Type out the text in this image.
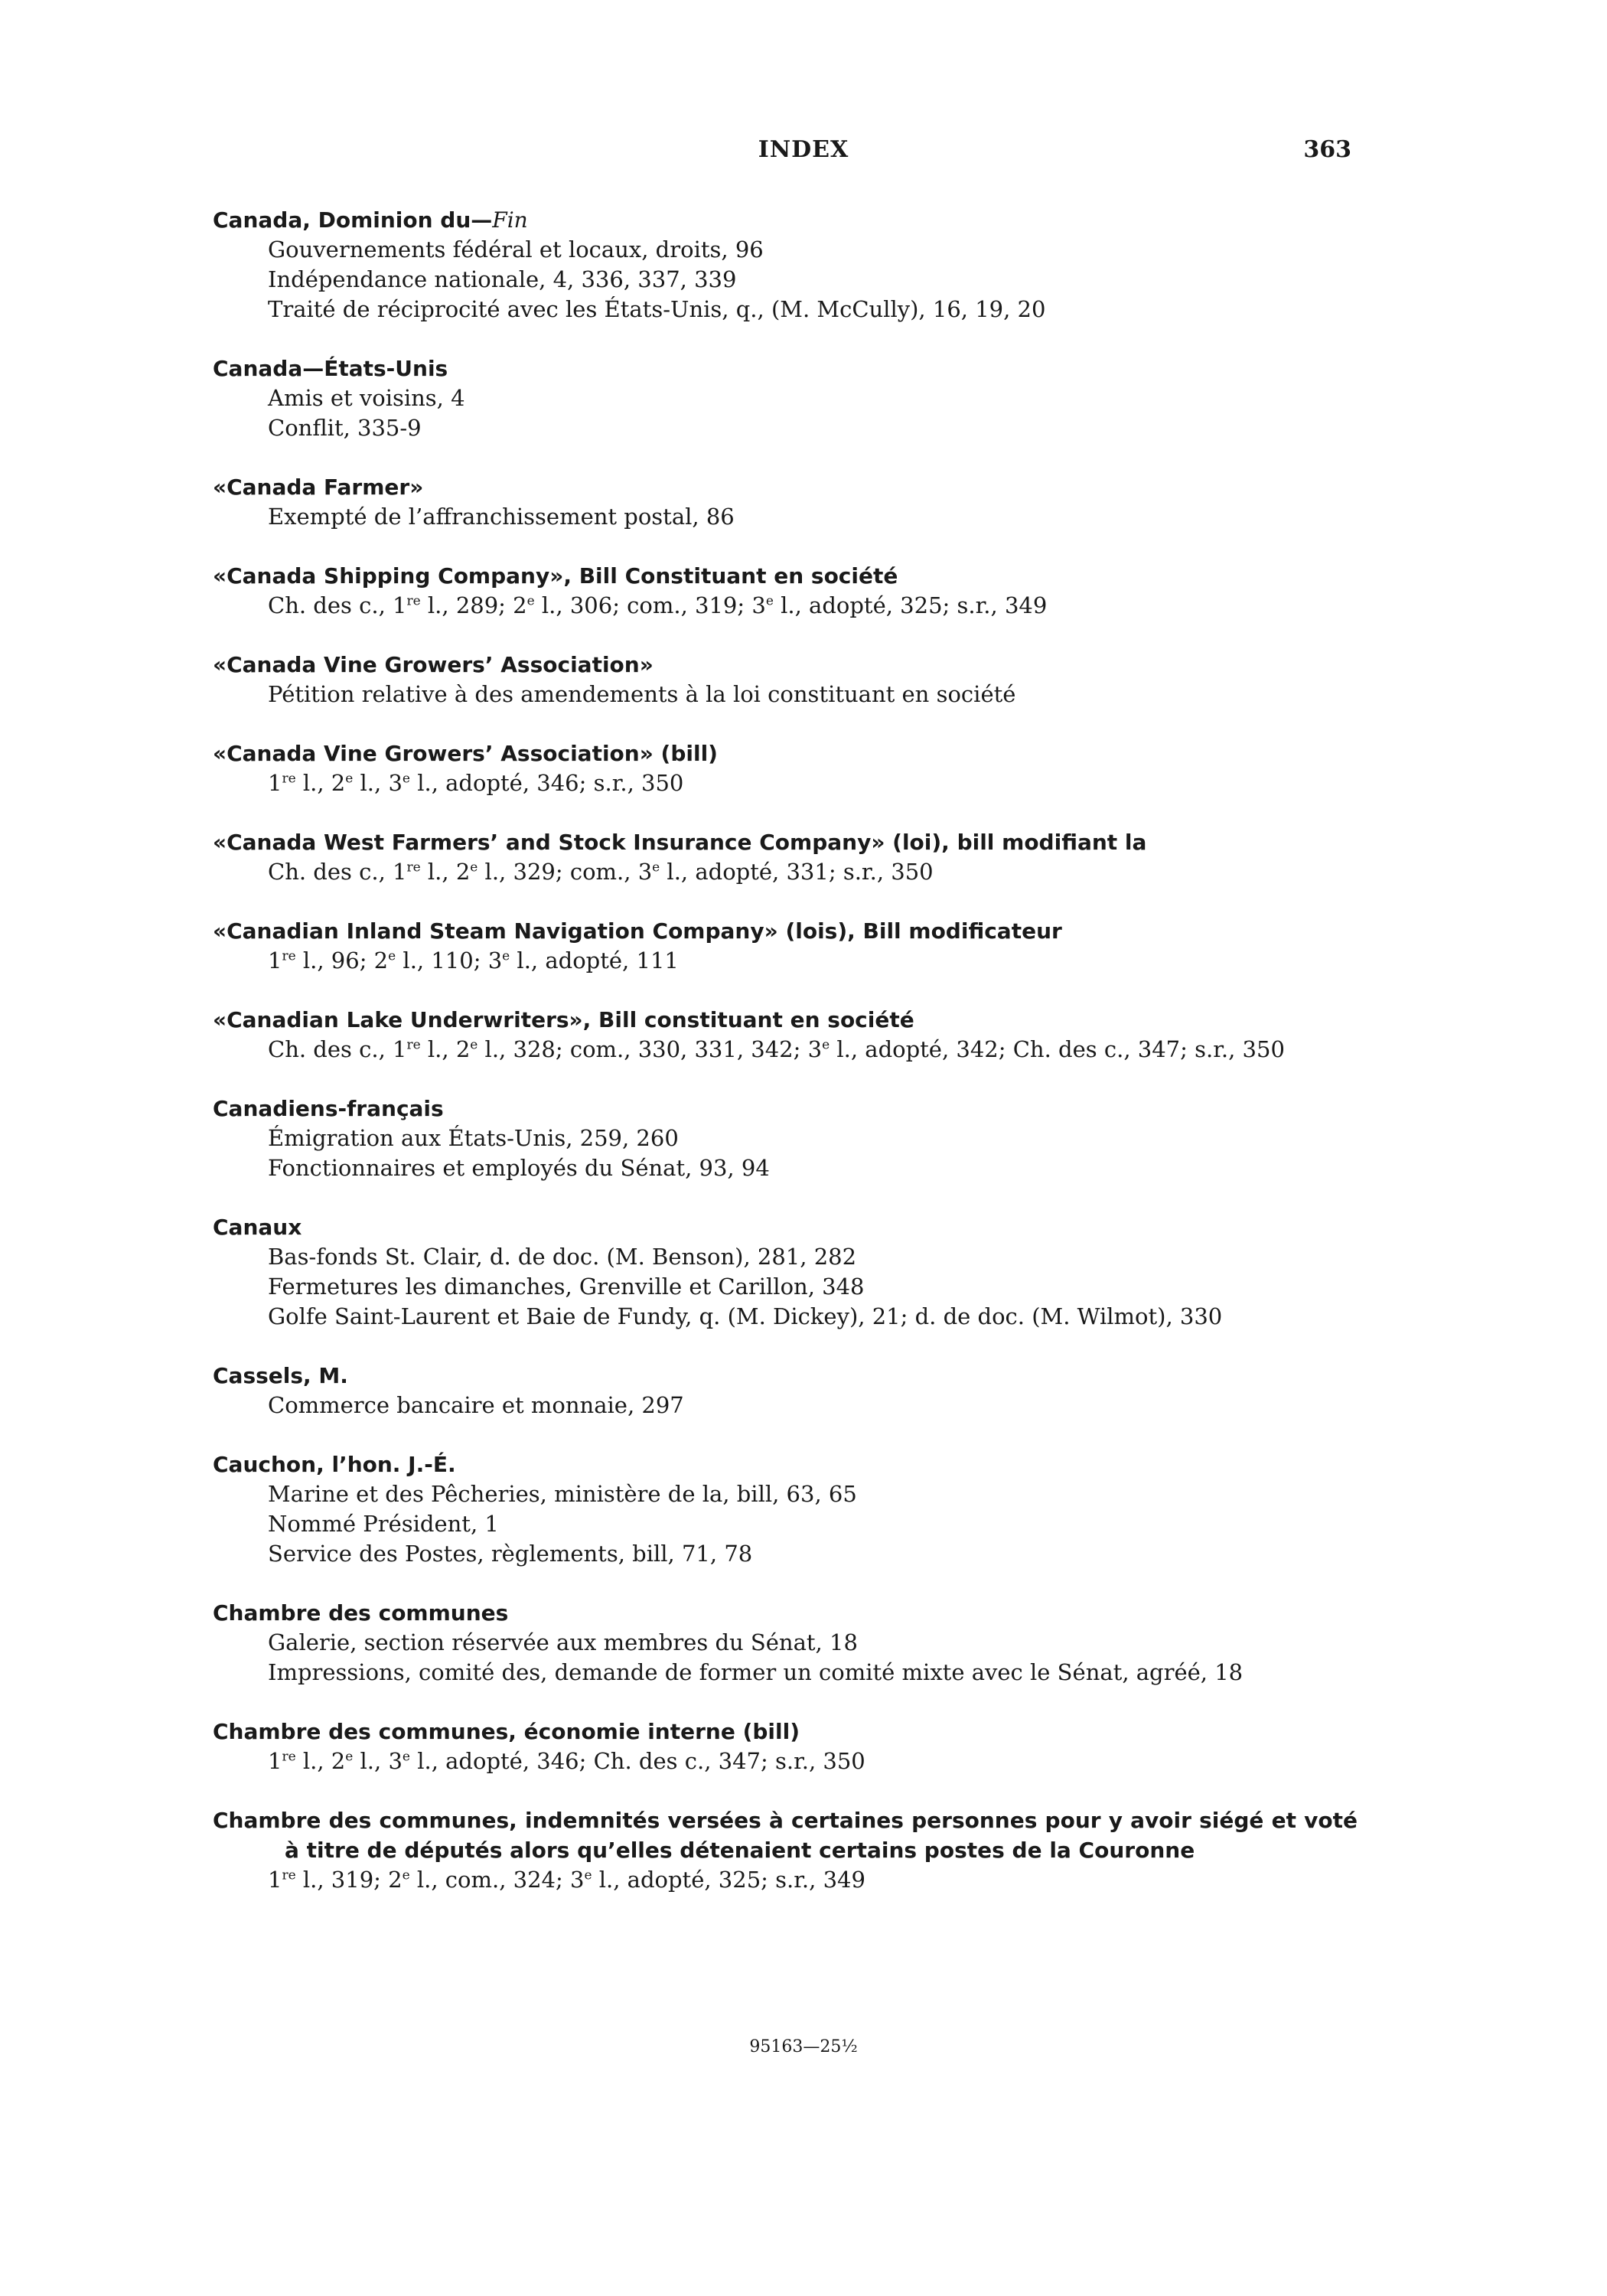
INDEX	363
Canada, Dominion du—Fin
Gouvernements fédéral et locaux, droits, 96
Indépendance nationale, 4, 336, 337, 339
Traité de réciprocité avec les États-Unis, q., (M. McCully), 16, 19, 20
Canada—États-Unis
Amis et voisins, 4
Conflit, 335-9
«Canada Farmer»
Exempté de l’affranchissement postal, 86
«Canada Shipping Company», Bill Constituant en société
Ch. des c., 1re l., 289; 2e l., 306; com., 319; 3e l., adopté, 325; s.r., 349
«Canada Vine Growers’ Association»
Pétition relative à des amendements à la loi constituant en société
«Canada Vine Growers’ Association» (bill)
1re l., 2e l., 3e l., adopté, 346; s.r., 350
«Canada West Farmers’ and Stock Insurance Company» (loi), bill modifiant la
Ch. des c., 1re l., 2e l., 329; com., 3e l., adopté, 331; s.r., 350
«Canadian Inland Steam Navigation Company» (lois), Bill modificateur
1re l., 96; 2e l., 110; 3e l., adopté, 111
«Canadian Lake Underwriters», Bill constituant en société
Ch. des c., 1re l., 2e l., 328; com., 330, 331, 342; 3e l., adopté, 342; Ch. des c., 347; s.r., 350
Canadiens-français
Émigration aux États-Unis, 259, 260
Fonctionnaires et employés du Sénat, 93, 94
Canaux
Bas-fonds St. Clair, d. de doc. (M. Benson), 281, 282
Fermetures les dimanches, Grenville et Carillon, 348
Golfe Saint-Laurent et Baie de Fundy, q. (M. Dickey), 21; d. de doc. (M. Wilmot), 330
Cassels, M.
Commerce bancaire et monnaie, 297
Cauchon, l’hon. J.-É.
Marine et des Pêcheries, ministère de la, bill, 63, 65
Nommé Président, 1
Service des Postes, règlements, bill, 71, 78
Chambre des communes
Galerie, section réservée aux membres du Sénat, 18
Impressions, comité des, demande de former un comité mixte avec le Sénat, agréé, 18
Chambre des communes, économie interne (bill)
1re l., 2e l., 3e l., adopté, 346; Ch. des c., 347; s.r., 350
Chambre des communes, indemnités versées à certaines personnes pour y avoir siégé et voté à titre de députés alors qu’elles détenaient certains postes de la Couronne
1re l., 319; 2e l., com., 324; 3e l., adopté, 325; s.r., 349
95163—25½
